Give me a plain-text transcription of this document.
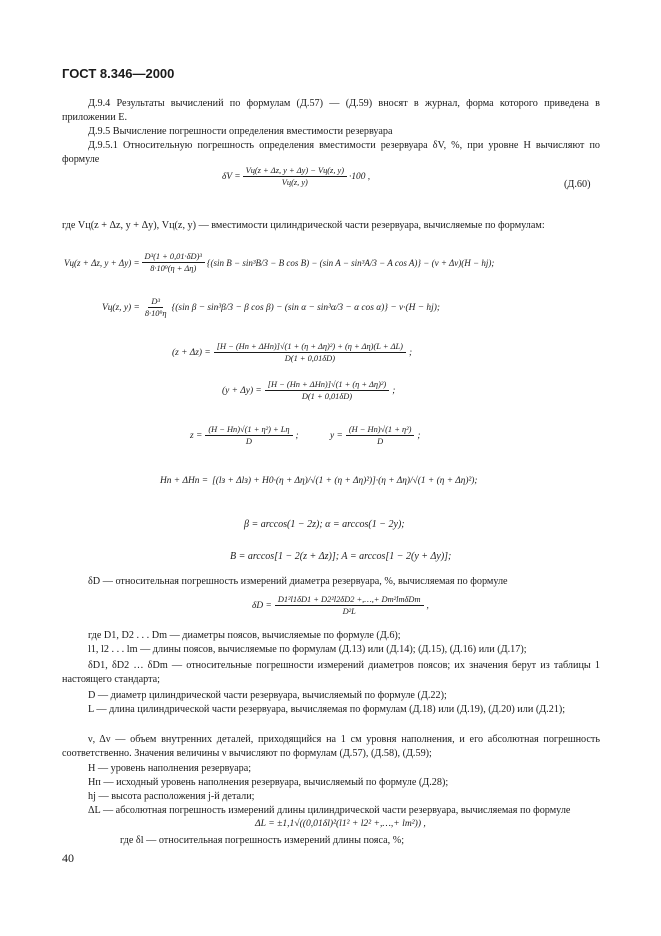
ГОСТ 8.346—2000
Д.9.4 Результаты вычислений по формулам (Д.57) — (Д.59) вносят в журнал, форма которого приведена в приложении Е.
Д.9.5 Вычисление погрешности определения вместимости резервуара
Д.9.5.1 Относительную погрешность определения вместимости резервуара δV, %, при уровне H вычисляют по формуле
$\delta V = \frac{Vц(z + \Delta z, y + \Delta y) - Vц(z, y)}{Vц(z, y)} \cdot 100$ ,
(Д.60)
где Vц(z + Δz, y + Δy), Vц(z, y) — вместимости цилиндрической части резервуара, вычисляемые по формулам:
Vц(z + Δz, $y + \Delta y) = \frac{\text{D³(1 + 0,01·δD)³}}{\text{8·10⁹(η + Δη)}} \{(\sin$ B − sin³B/3 − B cos B) − (sin A − sin³A/3 − A cos A)} − (ν + Δν)(H − hj);
Vц(z, $y) = \frac{\text{D³}}{\text{8·10⁹η}} \{(\sin$ β − sin³β/3 − β cos β) − (sin α − sin³α/3 − α cos α)} − ν·(H − hj);
$(z + \Delta z) = \frac{\text{[H − (Hп + ΔHп)]√(1 + (η + Δη)²) + (η + Δη)(L + ΔL)}}{D(1 + 0,01\delta D)}$ ;
$(y + \Delta y) = \frac{\text{[H − (Hп + ΔHп)]√(1 + (η + Δη)²)}}{D(1 + 0,01\delta D)}$ ;
$z = \frac{\text{(H − Hп)√(1 + η²) + Lη}}{D}$ ;	$y = \frac{\text{(H − Hп)√(1 + η²)}}{D}$ ;
Hп + ΔHп = [(lз + Δlз) + H0·(η + Δη)/√(1 + (η + Δη)²)]·(η + Δη)/√(1 + (η + Δη)²);
β = arccos(1 − 2z); α = arccos(1 − 2y);
B = arccos[1 − 2(z + Δz)]; A = arccos[1 − 2(y + Δy)];
δD — относительная погрешность измерений диаметра резервуара, %, вычисляемая по формуле
$\delta D = \frac{\text{D1²l1δD1 + D2²l2δD2 +,…,+ Dm²lmδDm}}{\text{D²L}}$ ,
где D1, D2 . . . Dm — диаметры поясов, вычисляемые по формуле (Д.6);
l1, l2 . . . lm — длины поясов, вычисляемые по формулам (Д.13) или (Д.14); (Д.15), (Д.16) или (Д.17);
δD1, δD2 … δDm — относительные погрешности измерений диаметров поясов; их значения берут из таблицы 1 настоящего стандарта;
D — диаметр цилиндрической части резервуара, вычисляемый по формуле (Д.22);
L — длина цилиндрической части резервуара, вычисляемая по формулам (Д.18) или (Д.19), (Д.20) или (Д.21);
ν, Δν — объем внутренних деталей, приходящийся на 1 см уровня наполнения, и его абсолютная погрешность соответственно. Значения величины ν вычисляют по формулам (Д.57), (Д.58), (Д.59);
H — уровень наполнения резервуара;
Hп — исходный уровень наполнения резервуара, вычисляемый по формуле (Д.28);
hj — высота расположения j-й детали;
ΔL — абсолютная погрешность измерений длины цилиндрической части резервуара, вычисляемая по формуле
ΔL = ±1,1√((0,01δl)²(l1² + l2² +,…,+ lm²)) ,
где δl — относительная погрешность измерений длины пояса, %;
40
